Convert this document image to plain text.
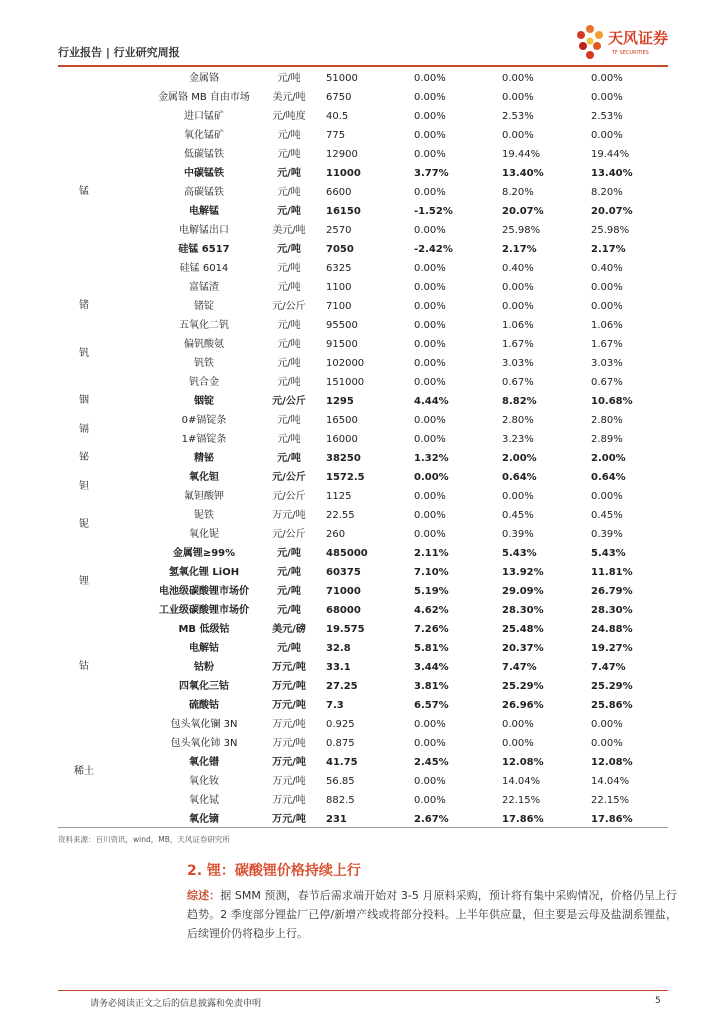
行业报告 | 行业研究周报
天风证券
TF SECURITIES
金属铬	元/吨	51000	0.00%	0.00%	0.00%
金属铬 MB 自由市场	美元/吨	6750	0.00%	0.00%	0.00%
进口锰矿	元/吨度	40.5	0.00%	2.53%	2.53%
氧化锰矿	元/吨	775	0.00%	0.00%	0.00%
低碳锰铁	元/吨	12900	0.00%	19.44%	19.44%
中碳锰铁	元/吨	11000	3.77%	13.40%	13.40%
高碳锰铁	元/吨	6600	0.00%	8.20%	8.20%
电解锰	元/吨	16150	-1.52%	20.07%	20.07%
电解锰出口	美元/吨	2570	0.00%	25.98%	25.98%
硅锰 6517	元/吨	7050	-2.42%	2.17%	2.17%
硅锰 6014	元/吨	6325	0.00%	0.40%	0.40%
富锰渣	元/吨	1100	0.00%	0.00%	0.00%
锗锭	元/公斤	7100	0.00%	0.00%	0.00%
五氧化二钒	元/吨	95500	0.00%	1.06%	1.06%
偏钒酸氨	元/吨	91500	0.00%	1.67%	1.67%
钒铁	元/吨	102000	0.00%	3.03%	3.03%
钒合金	元/吨	151000	0.00%	0.67%	0.67%
铟锭	元/公斤	1295	4.44%	8.82%	10.68%
0#镉锭条	元/吨	16500	0.00%	2.80%	2.80%
1#镉锭条	元/吨	16000	0.00%	3.23%	2.89%
精铋	元/吨	38250	1.32%	2.00%	2.00%
氧化钽	元/公斤	1572.5	0.00%	0.64%	0.64%
氟钽酸钾	元/公斤	1125	0.00%	0.00%	0.00%
铌铁	万元/吨	22.55	0.00%	0.45%	0.45%
氧化铌	元/公斤	260	0.00%	0.39%	0.39%
金属锂≥99%	元/吨	485000	2.11%	5.43%	5.43%
氢氧化锂 LiOH	元/吨	60375	7.10%	13.92%	11.81%
电池级碳酸锂市场价	元/吨	71000	5.19%	29.09%	26.79%
工业级碳酸锂市场价	元/吨	68000	4.62%	28.30%	28.30%
MB 低级钴	美元/磅	19.575	7.26%	25.48%	24.88%
电解钴	元/吨	32.8	5.81%	20.37%	19.27%
钴粉	万元/吨	33.1	3.44%	7.47%	7.47%
四氧化三钴	万元/吨	27.25	3.81%	25.29%	25.29%
硫酸钴	万元/吨	7.3	6.57%	26.96%	25.86%
包头氧化镧 3N	万元/吨	0.925	0.00%	0.00%	0.00%
包头氧化铈 3N	万元/吨	0.875	0.00%	0.00%	0.00%
氧化镨	万元/吨	41.75	2.45%	12.08%	12.08%
氧化钕	万元/吨	56.85	0.00%	14.04%	14.04%
氧化铽	万元/吨	882.5	0.00%	22.15%	22.15%
氧化镝	万元/吨	231	2.67%	17.86%	17.86%
锰
锗
钒
铟
镉
铋
钽
铌
锂
钴
稀土
资料来源：百川资讯，wind，MB，天风证券研究所
2. 锂：碳酸锂价格持续上行
综述：据 SMM 预测，春节后需求端开始对 3-5 月原料采购，预计将有集中采购情况，价格仍呈上行趋势。2 季度部分锂盐厂已停/新增产线或将部分投料。上半年供应量，但主要是云母及盐湖系锂盐，后续锂价仍将稳步上行。
请务必阅读正文之后的信息披露和免责申明	5
